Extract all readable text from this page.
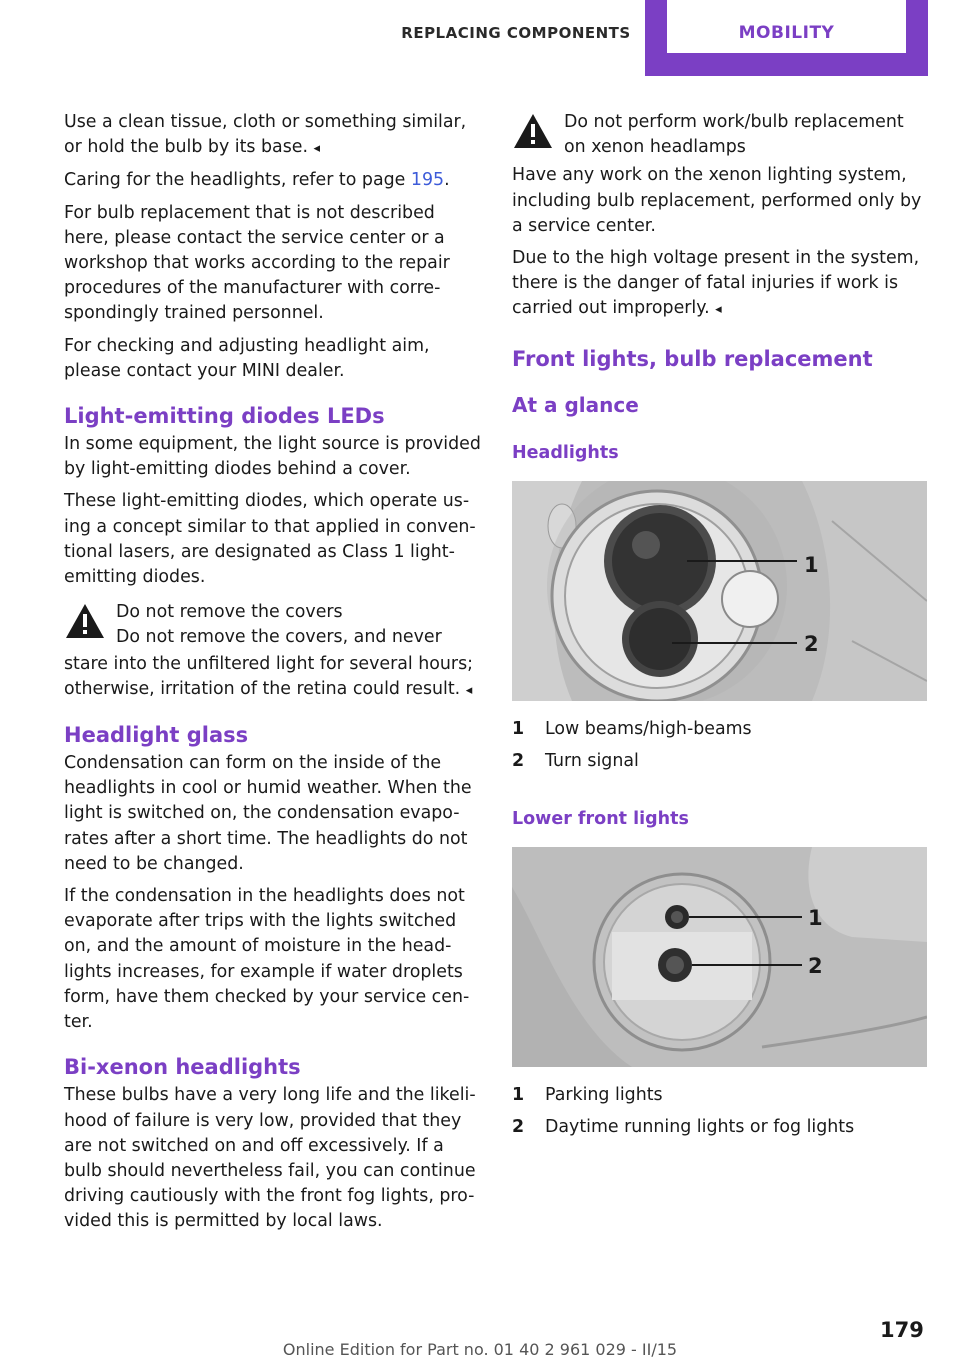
REPLACING COMPONENTS	MOBILITY

Use a clean tissue, cloth or something similar, or hold the bulb by its base. ◂

Caring for the headlights, refer to page 195.

For bulb replacement that is not described here, please contact the service center or a workshop that works according to the repair procedures of the manufacturer with corre- spondingly trained personnel.

For checking and adjusting headlight aim, please contact your MINI dealer.

Light-emitting diodes LEDs

In some equipment, the light source is provided by light-emitting diodes behind a cover.

These light-emitting diodes, which operate us- ing a concept similar to that applied in conven- tional lasers, are designated as Class 1 light- emitting diodes.

Do not remove the covers

Do not remove the covers, and never

stare into the unfiltered light for several hours; otherwise, irritation of the retina could result. ◂

Headlight glass

Condensation can form on the inside of the headlights in cool or humid weather. When the light is switched on, the condensation evapo- rates after a short time. The headlights do not need to be changed.

If the condensation in the headlights does not evaporate after trips with the lights switched on, and the amount of moisture in the head- lights increases, for example if water droplets form, have them checked by your service cen- ter.

Bi-xenon headlights

These bulbs have a very long life and the likeli- hood of failure is very low, provided that they are not switched on and off excessively. If a bulb should nevertheless fail, you can continue driving cautiously with the front fog lights, pro- vided this is permitted by local laws.

Do not perform work/bulb replacement on xenon headlamps

Have any work on the xenon lighting system, including bulb replacement, performed only by a service center.

Due to the high voltage present in the system, there is the danger of fatal injuries if work is carried out improperly. ◂

Front lights, bulb replacement
At a glance
Headlights
1
2
1	Low beams/high-beams
2	Turn signal
Lower front lights
1
2
1	Parking lights
2	Daytime running lights or fog lights
179
Online Edition for Part no. 01 40 2 961 029 - II/15
